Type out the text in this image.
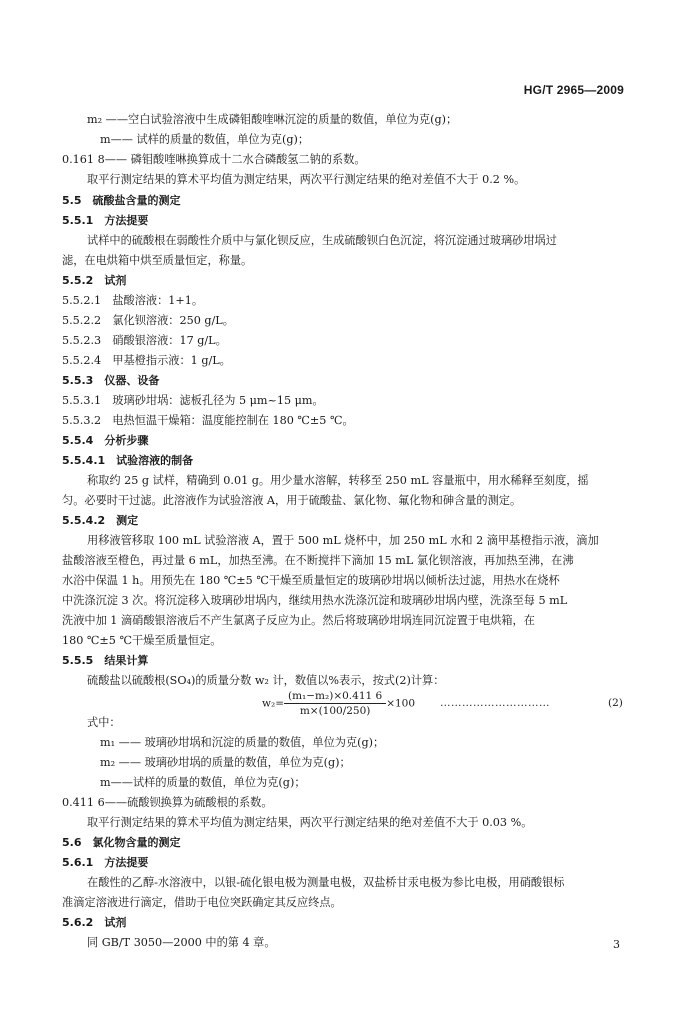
HG/T 2965—2009
m₂ ——空白试验溶液中生成磷钼酸喹啉沉淀的质量的数值，单位为克(g)；
m—— 试样的质量的数值，单位为克(g)；
0.161 8—— 磷钼酸喹啉换算成十二水合磷酸氢二钠的系数。
取平行测定结果的算术平均值为测定结果，两次平行测定结果的绝对差值不大于 0.2 %。
5.5　硫酸盐含量的测定
5.5.1　方法提要
试样中的硫酸根在弱酸性介质中与氯化钡反应，生成硫酸钡白色沉淀，将沉淀通过玻璃砂坩埚过
滤，在电烘箱中烘至质量恒定，称量。
5.5.2　试剂
5.5.2.1　盐酸溶液：1+1。
5.5.2.2　氯化钡溶液：250 g/L。
5.5.2.3　硝酸银溶液：17 g/L。
5.5.2.4　甲基橙指示液：1 g/L。
5.5.3　仪器、设备
5.5.3.1　玻璃砂坩埚：滤板孔径为 5 μm~15 μm。
5.5.3.2　电热恒温干燥箱：温度能控制在 180 ℃±5 ℃。
5.5.4　分析步骤
5.5.4.1　试验溶液的制备
称取约 25 g 试样，精确到 0.01 g。用少量水溶解，转移至 250 mL 容量瓶中，用水稀释至刻度，摇
匀。必要时干过滤。此溶液作为试验溶液 A，用于硫酸盐、氯化物、氟化物和砷含量的测定。
5.5.4.2　测定
用移液管移取 100 mL 试验溶液 A，置于 500 mL 烧杯中，加 250 mL 水和 2 滴甲基橙指示液，滴加
盐酸溶液至橙色，再过量 6 mL，加热至沸。在不断搅拌下滴加 15 mL 氯化钡溶液，再加热至沸，在沸
水浴中保温 1 h。用预先在 180 ℃±5 ℃干燥至质量恒定的玻璃砂坩埚以倾析法过滤，用热水在烧杯
中洗涤沉淀 3 次。将沉淀移入玻璃砂坩埚内，继续用热水洗涤沉淀和玻璃砂坩埚内壁，洗涤至每 5 mL
洗液中加 1 滴硝酸银溶液后不产生氯离子反应为止。然后将玻璃砂坩埚连同沉淀置于电烘箱，在
180 ℃±5 ℃干燥至质量恒定。
5.5.5　结果计算
硫酸盐以硫酸根(SO₄)的质量分数 w₂ 计，数值以%表示，按式(2)计算：
$w_2= \frac{\text{(m₁−m₂)×0.411 6}}{m\times(100/250)} \times 100$ …………………………	(2)
式中：
m₁ —— 玻璃砂坩埚和沉淀的质量的数值，单位为克(g)；
m₂ —— 玻璃砂坩埚的质量的数值，单位为克(g)；
m——试样的质量的数值，单位为克(g)；
0.411 6——硫酸钡换算为硫酸根的系数。
取平行测定结果的算术平均值为测定结果，两次平行测定结果的绝对差值不大于 0.03 %。
5.6　氯化物含量的测定
5.6.1　方法提要
在酸性的乙醇-水溶液中，以银-硫化银电极为测量电极，双盐桥甘汞电极为参比电极，用硝酸银标
准滴定溶液进行滴定，借助于电位突跃确定其反应终点。
5.6.2　试剂
同 GB/T 3050—2000 中的第 4 章。	3
